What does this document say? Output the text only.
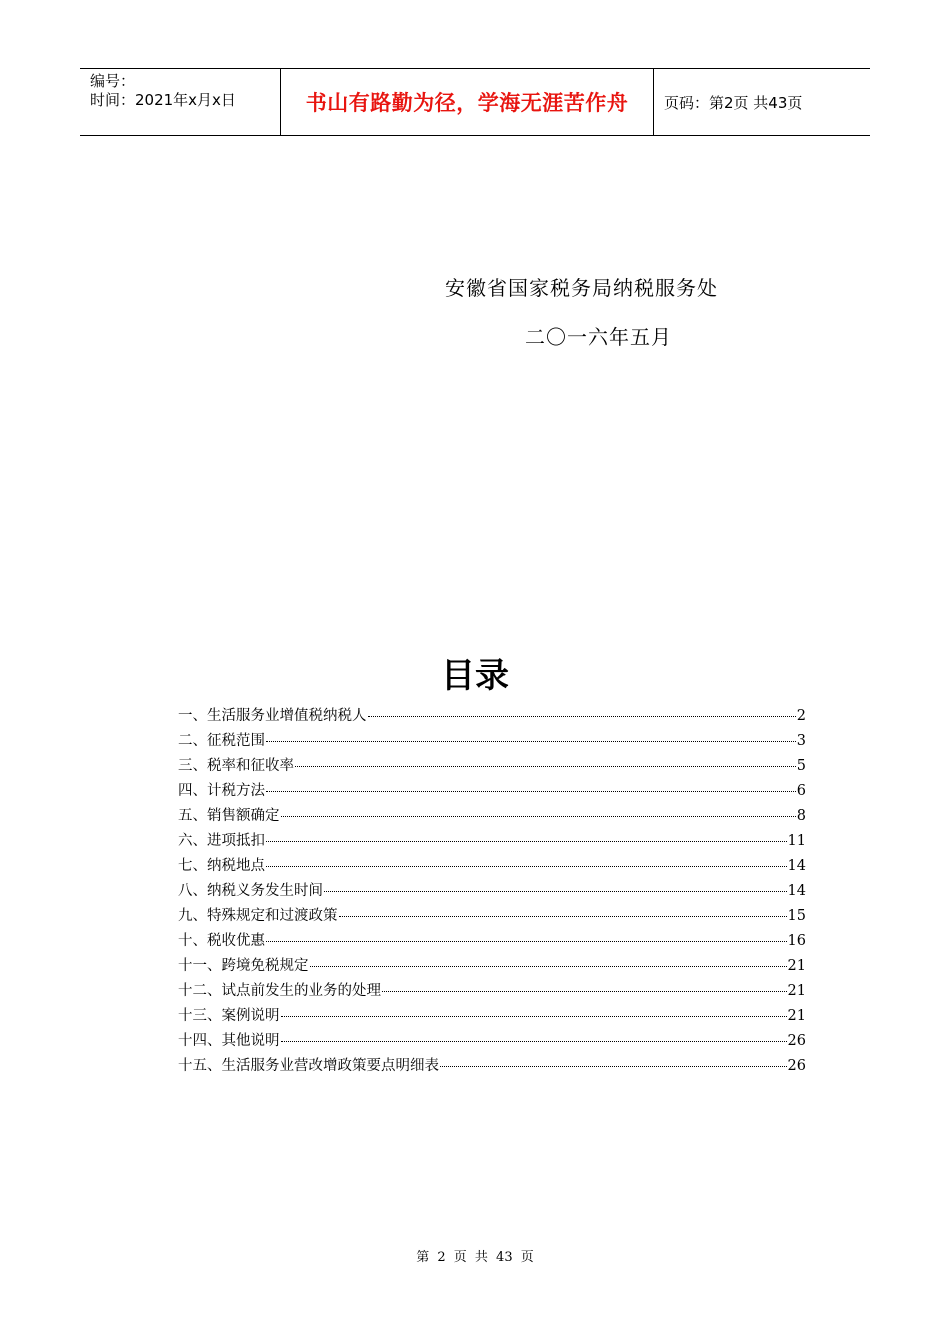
编号：
时间：2021年x月x日	书山有路勤为径，学海无涯苦作舟	页码：第2页 共43页
安徽省国家税务局纳税服务处
二〇一六年五月
目录
一、生活服务业增值税纳税人	2
二、征税范围	3
三、税率和征收率	5
四、计税方法	6
五、销售额确定	8
六、进项抵扣	11
七、纳税地点	14
八、纳税义务发生时间	14
九、特殊规定和过渡政策	15
十、税收优惠	16
十一、跨境免税规定	21
十二、试点前发生的业务的处理	21
十三、案例说明	21
十四、其他说明	26
十五、生活服务业营改增政策要点明细表	26
第 2 页 共 43 页
